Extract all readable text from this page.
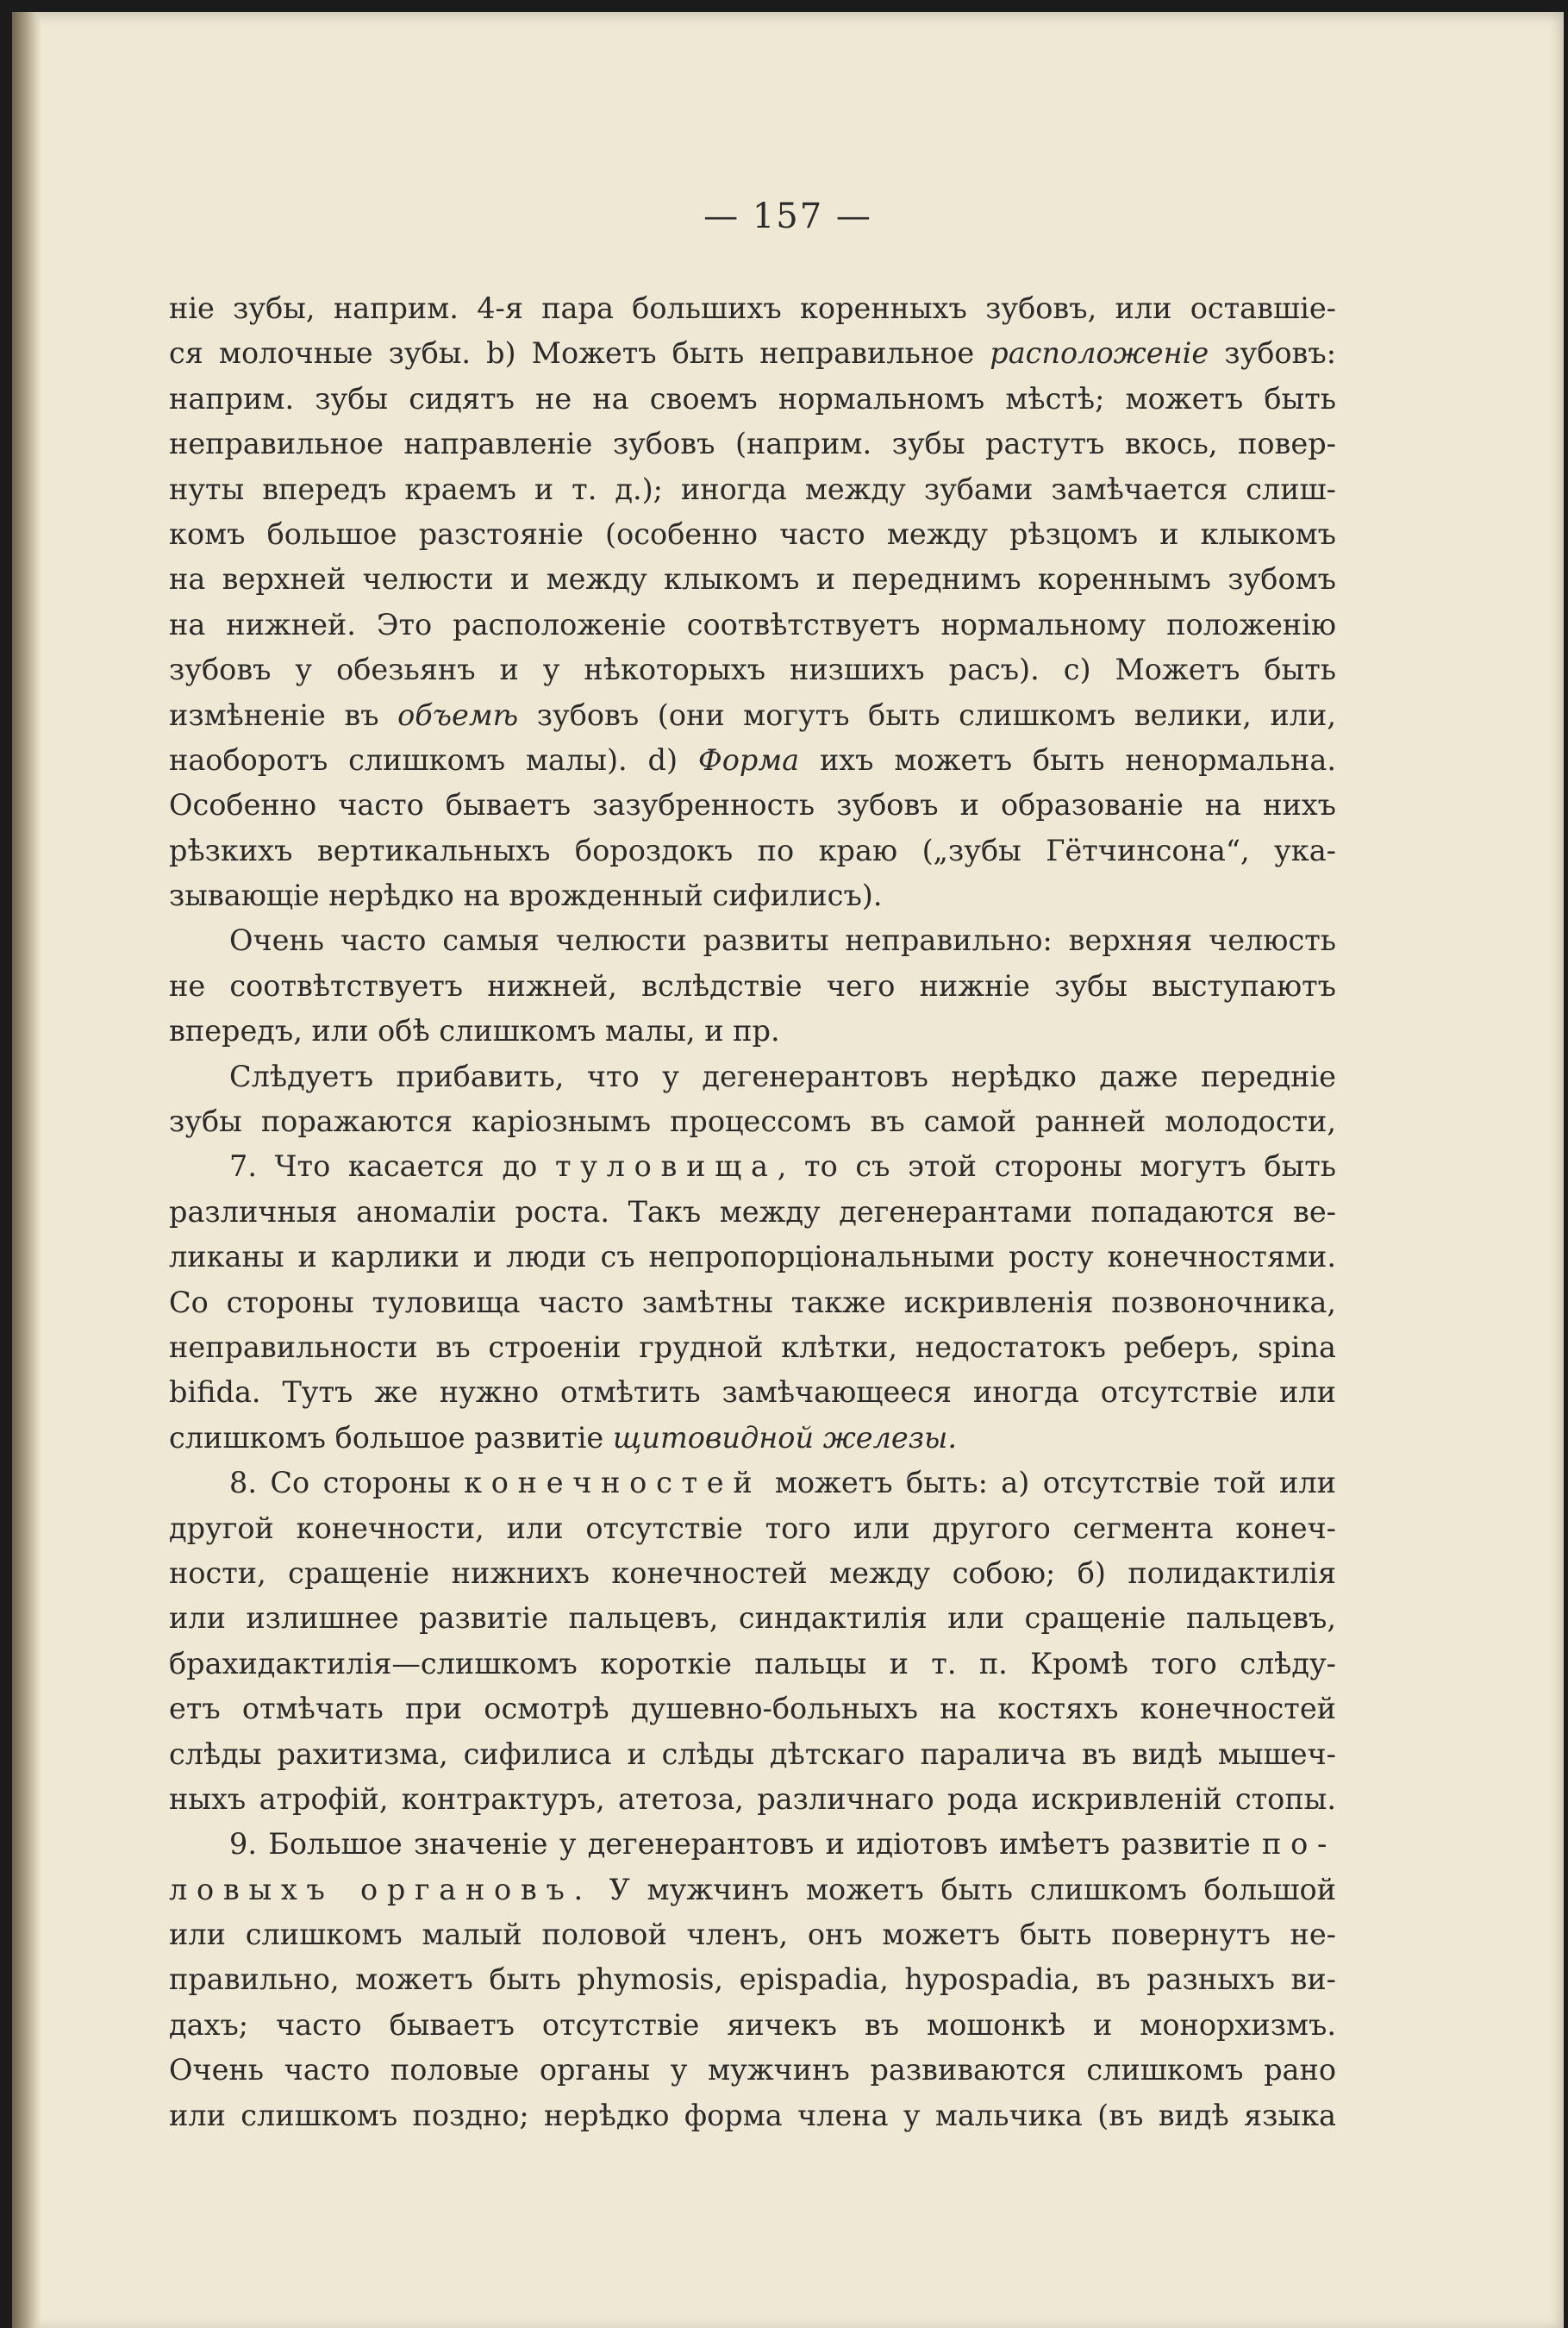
— 157 —
ніе зубы, наприм. 4-я пара большихъ коренныхъ зубовъ, или оставшіе-
ся молочные зубы. b) Можетъ быть неправильное расположеніе зубовъ:
наприм. зубы сидятъ не на своемъ нормальномъ мѣстѣ; можетъ быть
неправильное направленіе зубовъ (наприм. зубы растутъ вкось, повер-
нуты впередъ краемъ и т. д.); иногда между зубами замѣчается слиш-
комъ большое разстояніе (особенно часто между рѣзцомъ и клыкомъ
на верхней челюсти и между клыкомъ и переднимъ кореннымъ зубомъ
на нижней. Это расположеніе соотвѣтствуетъ нормальному положенію
зубовъ у обезьянъ и у нѣкоторыхъ низшихъ расъ). c) Можетъ быть
измѣненіе въ объемѣ зубовъ (они могутъ быть слишкомъ велики, или,
наоборотъ слишкомъ малы). d) Форма ихъ можетъ быть ненормальна.
Особенно часто бываетъ зазубренность зубовъ и образованіе на нихъ
рѣзкихъ вертикальныхъ бороздокъ по краю („зубы Гётчинсона“, ука-
зывающіе нерѣдко на врожденный сифилисъ).
Очень часто самыя челюсти развиты неправильно: верхняя челюсть
не соотвѣтствуетъ нижней, вслѣдствіе чего нижніе зубы выступаютъ
впередъ, или обѣ слишкомъ малы, и пр.
Слѣдуетъ прибавить, что у дегенерантовъ нерѣдко даже передніе
зубы поражаются каріознымъ процессомъ въ самой ранней молодости,
7. Что касается до туловища, то съ этой стороны могутъ быть
различныя аномаліи роста. Такъ между дегенерантами попадаются ве-
ликаны и карлики и люди съ непропорціональными росту конечностями.
Со стороны туловища часто замѣтны также искривленія позвоночника,
неправильности въ строеніи грудной клѣтки, недостатокъ реберъ, spina
bifida. Тутъ же нужно отмѣтить замѣчающееся иногда отсутствіе или
слишкомъ большое развитіе щитовидной железы.
8. Со стороны конечностей можетъ быть: a) отсутствіе той или
другой конечности, или отсутствіе того или другого сегмента конеч-
ности, сращеніе нижнихъ конечностей между собою; б) полидактилія
или излишнее развитіе пальцевъ, синдактилія или сращеніе пальцевъ,
брахидактилія—слишкомъ короткіе пальцы и т. п. Кромѣ того слѣду-
етъ отмѣчать при осмотрѣ душевно-больныхъ на костяхъ конечностей
слѣды рахитизма, сифилиса и слѣды дѣтскаго паралича въ видѣ мышеч-
ныхъ атрофій, контрактуръ, атетоза, различнаго рода искривленій стопы.
9. Большое значеніе у дегенерантовъ и идіотовъ имѣетъ развитіе по-
ловыхъ органовъ. У мужчинъ можетъ быть слишкомъ большой
или слишкомъ малый половой членъ, онъ можетъ быть повернутъ не-
правильно, можетъ быть phymosis, epispadia, hypospadia, въ разныхъ ви-
дахъ; часто бываетъ отсутствіе яичекъ въ мошонкѣ и монорхизмъ.
Очень часто половые органы у мужчинъ развиваются слишкомъ рано
или слишкомъ поздно; нерѣдко форма члена у мальчика (въ видѣ языка
